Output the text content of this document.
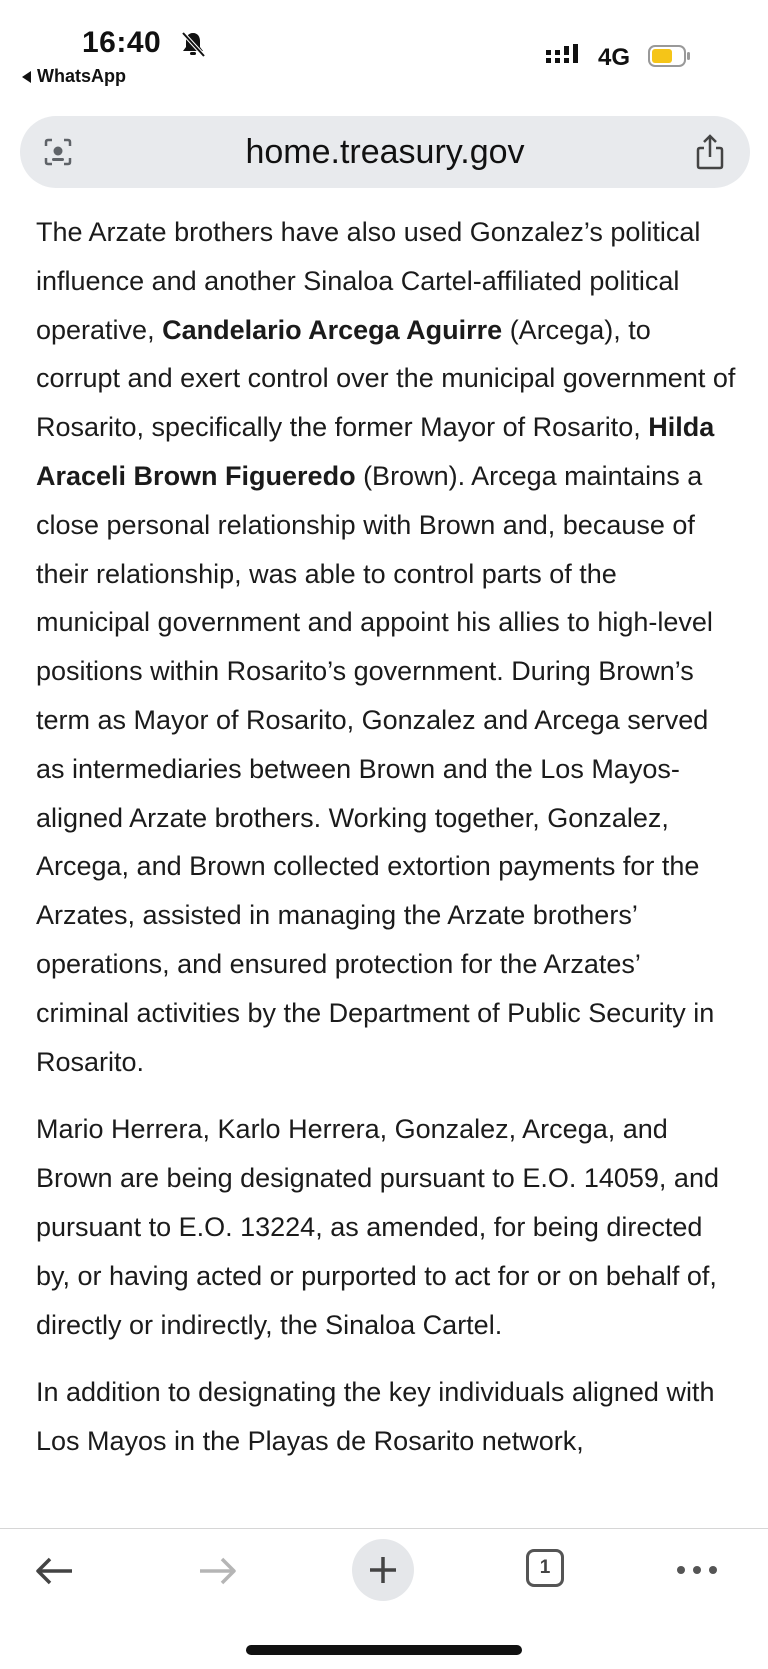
16:40
WhatsApp
4G
home.treasury.gov

The Arzate brothers have also used Gonzalez’s political influence and another Sinaloa Cartel-affiliated political operative, Candelario Arcega Aguirre (Arcega), to corrupt and exert control over the municipal government of Rosarito, specifically the former Mayor of Rosarito, Hilda Araceli Brown Figueredo (Brown). Arcega maintains a close personal relationship with Brown and, because of their relationship, was able to control parts of the municipal government and appoint his allies to high-level positions within Rosarito’s government. During Brown’s term as Mayor of Rosarito, Gonzalez and Arcega served as intermediaries between Brown and the Los Mayos-aligned Arzate brothers. Working together, Gonzalez, Arcega, and Brown collected extortion payments for the Arzates, assisted in managing the Arzate brothers’ operations, and ensured protection for the Arzates’ criminal activities by the Department of Public Security in Rosarito.

Mario Herrera, Karlo Herrera, Gonzalez, Arcega, and Brown are being designated pursuant to E.O. 14059, and pursuant to E.O. 13224, as amended, for being directed by, or having acted or purported to act for or on behalf of, directly or indirectly, the Sinaloa Cartel.

In addition to designating the key individuals aligned with Los Mayos in the Playas de Rosarito network,

1
